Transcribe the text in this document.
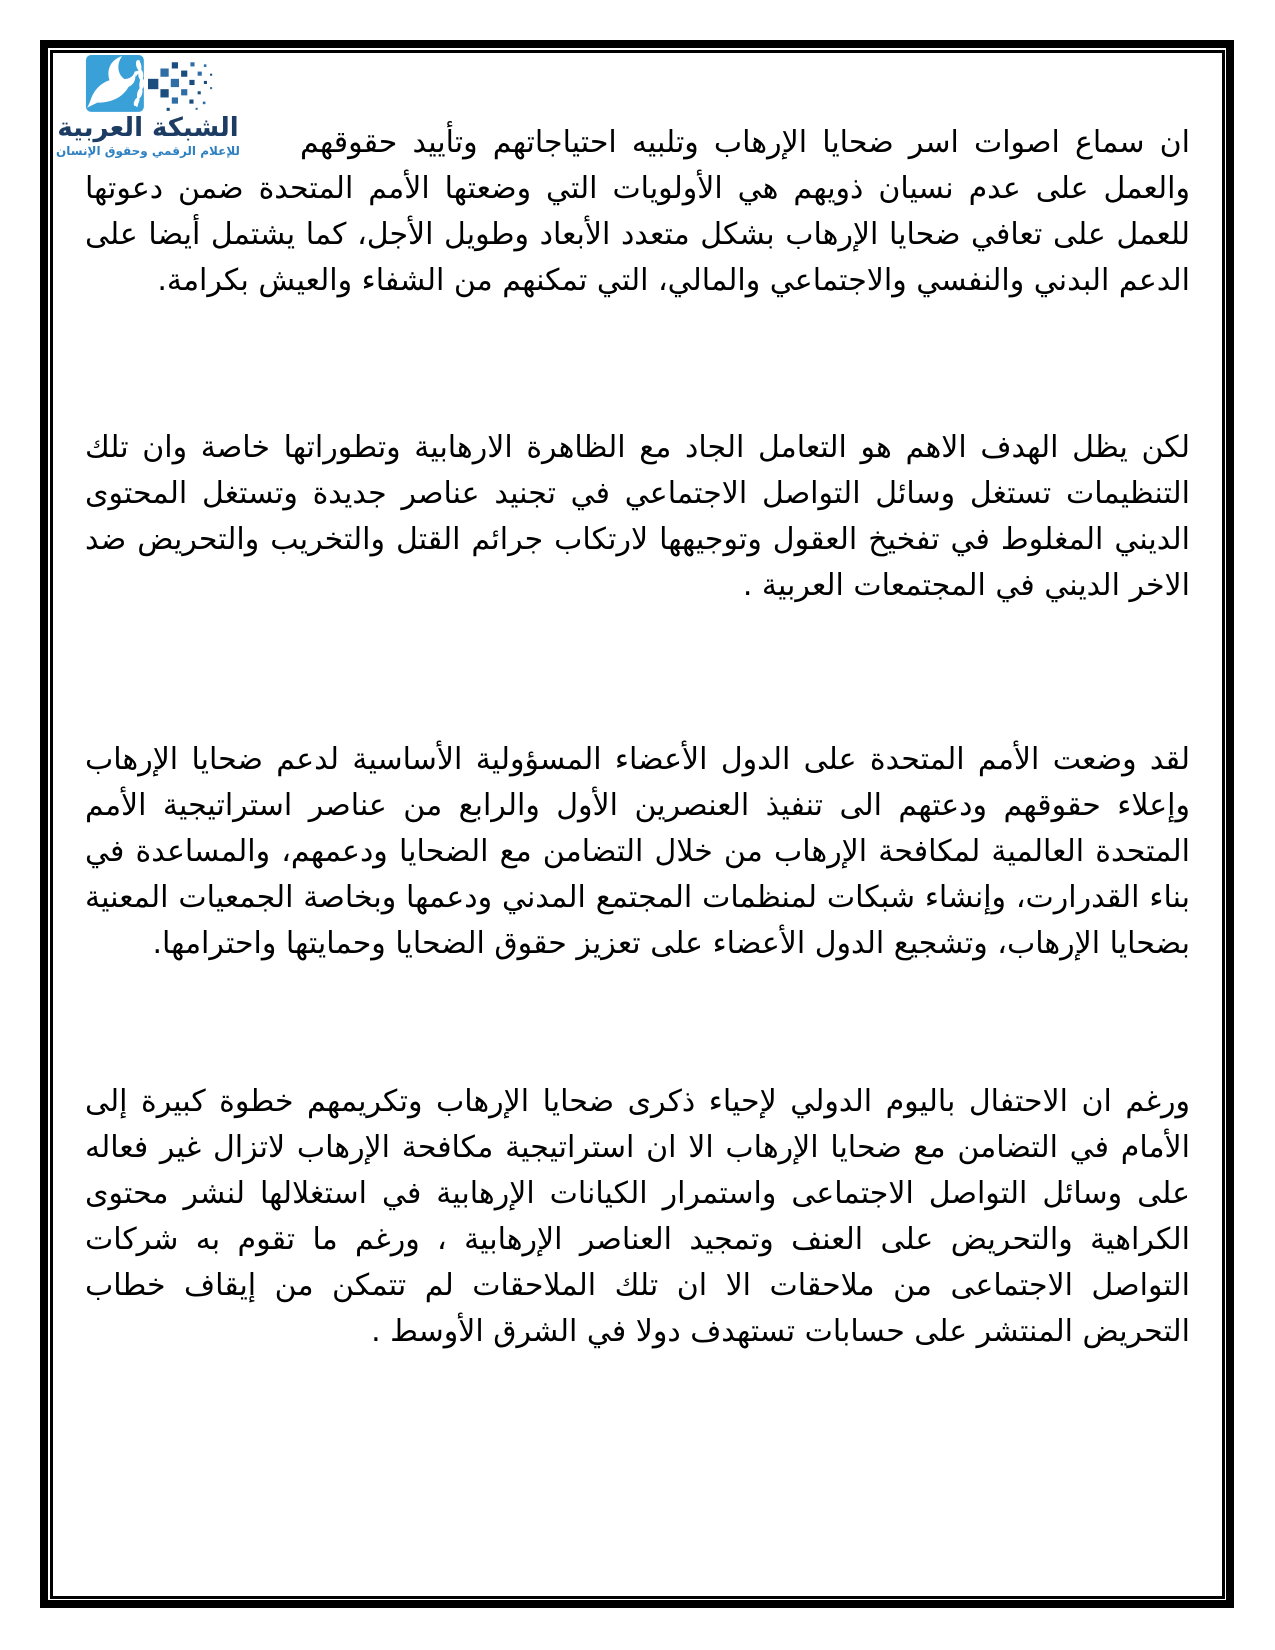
الشبكة العربية
للإعلام الرقمي وحقوق الإنسان	ان سماع اصوات اسر ضحايا الإرهاب وتلبيه احتياجاتهم وتأييد حقوقهم والعمل على عدم نسيان ذويهم هي الأولويات التي وضعتها الأمم المتحدة ضمن دعوتها للعمل على تعافي ضحايا الإرهاب بشكل متعدد الأبعاد وطويل الأجل، كما يشتمل أيضا على الدعم البدني والنفسي والاجتماعي والمالي، التي تمكنهم من الشفاء والعيش بكرامة.

لكن يظل الهدف الاهم هو التعامل الجاد مع الظاهرة الارهابية وتطوراتها خاصة وان تلك التنظيمات تستغل وسائل التواصل الاجتماعي في تجنيد عناصر جديدة وتستغل المحتوى الديني المغلوط في تفخيخ العقول وتوجيهها لارتكاب جرائم القتل والتخريب والتحريض ضد الاخر الديني في المجتمعات العربية .

لقد وضعت الأمم المتحدة على الدول الأعضاء المسؤولية الأساسية لدعم ضحايا الإرهاب وإعلاء حقوقهم ودعتهم الى تنفيذ العنصرين الأول والرابع من عناصر استراتيجية الأمم المتحدة العالمية لمكافحة الإرهاب من خلال التضامن مع الضحايا ودعمهم، والمساعدة في بناء القدرارت، وإنشاء شبكات لمنظمات المجتمع المدني ودعمها وبخاصة الجمعيات المعنية بضحايا الإرهاب، وتشجيع الدول الأعضاء على تعزيز حقوق الضحايا وحمايتها واحترامها.

ورغم ان الاحتفال باليوم الدولي لإحياء ذكرى ضحايا الإرهاب وتكريمهم خطوة كبيرة إلى الأمام في التضامن مع ضحايا الإرهاب الا ان استراتيجية مكافحة الإرهاب لاتزال غير فعاله على وسائل التواصل الاجتماعى واستمرار الكيانات الإرهابية في استغلالها لنشر محتوى الكراهية والتحريض على العنف وتمجيد العناصر الإرهابية ، ورغم ما تقوم به شركات التواصل الاجتماعى من ملاحقات الا ان تلك الملاحقات لم تتمكن من إيقاف خطاب التحريض المنتشر على حسابات تستهدف دولا في الشرق الأوسط .
